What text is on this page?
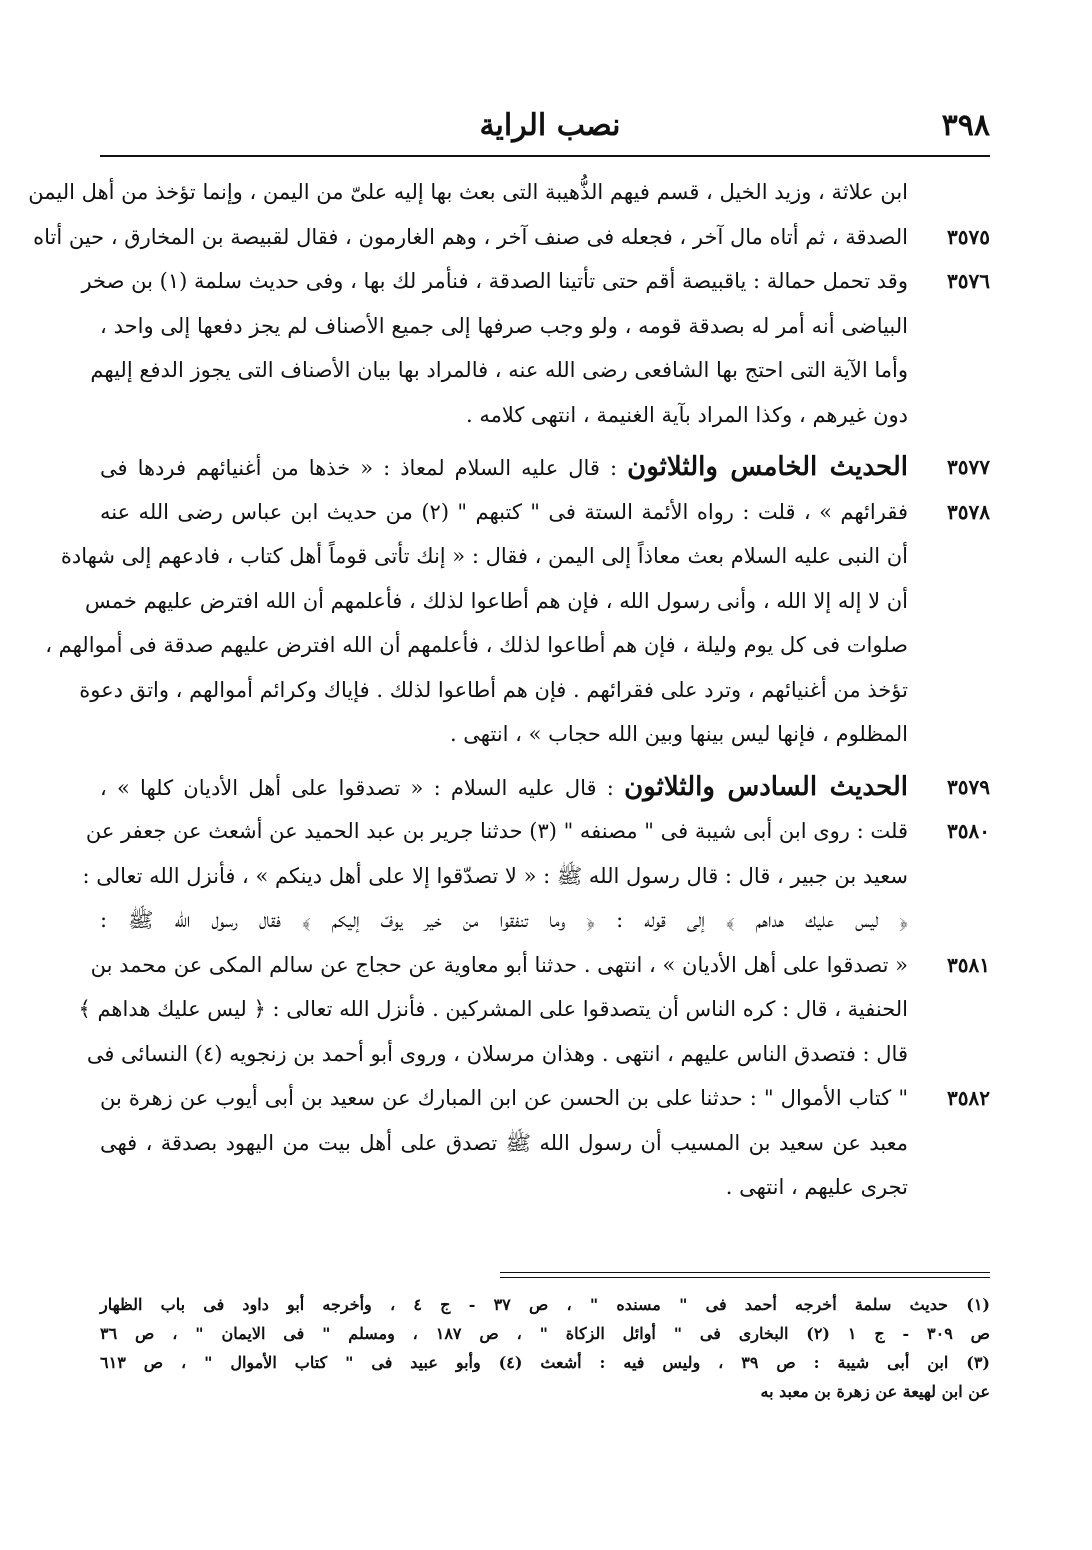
٣٩٨
نصب الراية
ابن علاثة ، وزيد الخيل ، قسم فيهم الذُّهيبة التى بعث بها إليه علىّ من اليمن ، وإنما تؤخذ من أهل اليمن
٣٥٧٥
الصدقة ، ثم أتاه مال آخر ، فجعله فى صنف آخر ، وهم الغارمون ، فقال لقبيصة بن المخارق ، حين أتاه
٣٥٧٦
وقد تحمل حمالة : ياقبيصة أقم حتى تأتينا الصدقة ، فنأمر لك بها ، وفى حديث سلمة (١) بن صخر
البياضى أنه أمر له بصدقة قومه ، ولو وجب صرفها إلى جميع الأصناف لم يجز دفعها إلى واحد ،
وأما الآية التى احتج بها الشافعى رضى الله عنه ، فالمراد بها بيان الأصناف التى يجوز الدفع إليهم
دون غيرهم ، وكذا المراد بآية الغنيمة ، انتهى كلامه .
٣٥٧٧
الحديث الخامس والثلاثون : قال عليه السلام لمعاذ : « خذها من أغنيائهم فردها فى
٣٥٧٨
فقرائهم » ، قلت : رواه الأئمة الستة فى " كتبهم " (٢) من حديث ابن عباس رضى الله عنه
أن النبى عليه السلام بعث معاذاً إلى اليمن ، فقال : « إنك تأتى قوماً أهل كتاب ، فادعهم إلى شهادة
أن لا إله إلا الله ، وأنى رسول الله ، فإن هم أطاعوا لذلك ، فأعلمهم أن الله افترض عليهم خمس
صلوات فى كل يوم وليلة ، فإن هم أطاعوا لذلك ، فأعلمهم أن الله افترض عليهم صدقة فى أموالهم ،
تؤخذ من أغنيائهم ، وترد على فقرائهم . فإن هم أطاعوا لذلك . فإياك وكرائم أموالهم ، واتق دعوة
المظلوم ، فإنها ليس بينها وبين الله حجاب » ، انتهى .
٣٥٧٩
الحديث السادس والثلاثون : قال عليه السلام : « تصدقوا على أهل الأديان كلها » ،
٣٥٨٠
قلت : روى ابن أبى شيبة فى " مصنفه " (٣) حدثنا جرير بن عبد الحميد عن أشعث عن جعفر عن
سعيد بن جبير ، قال : قال رسول الله ﷺ : « لا تصدّقوا إلا على أهل دينكم » ، فأنزل الله تعالى :
﴿ ليس عليك هداهم ﴾ إلى قوله : ﴿ وما تنفقوا من خير يوفّ إليكم ﴾ فقال رسول الله ﷺ :
٣٥٨١
« تصدقوا على أهل الأديان » ، انتهى . حدثنا أبو معاوية عن حجاج عن سالم المكى عن محمد بن
الحنفية ، قال : كره الناس أن يتصدقوا على المشركين . فأنزل الله تعالى : ﴿ ليس عليك هداهم ﴾
قال : فتصدق الناس عليهم ، انتهى . وهذان مرسلان ، وروى أبو أحمد بن زنجويه (٤) النسائى فى
٣٥٨٢
" كتاب الأموال " : حدثنا على بن الحسن عن ابن المبارك عن سعيد بن أبى أيوب عن زهرة بن
معبد عن سعيد بن المسيب أن رسول الله ﷺ تصدق على أهل بيت من اليهود بصدقة ، فهى
تجرى عليهم ، انتهى .
(١) حديث سلمة أخرجه أحمد فى " مسنده " ، ص ٣٧ - ج ٤ ، وأخرجه أبو داود فى باب الظهار
ص ٣٠٩ - ج ١ (٢) البخارى فى " أوائل الزكاة " ، ص ١٨٧ ، ومسلم " فى الايمان " ، ص ٣٦
(٣) ابن أبى شيبة : ص ٣٩ ، وليس فيه : أشعث (٤) وأبو عبيد فى " كتاب الأموال " ، ص ٦١٣
عن ابن لهيعة عن زهرة بن معبد به
